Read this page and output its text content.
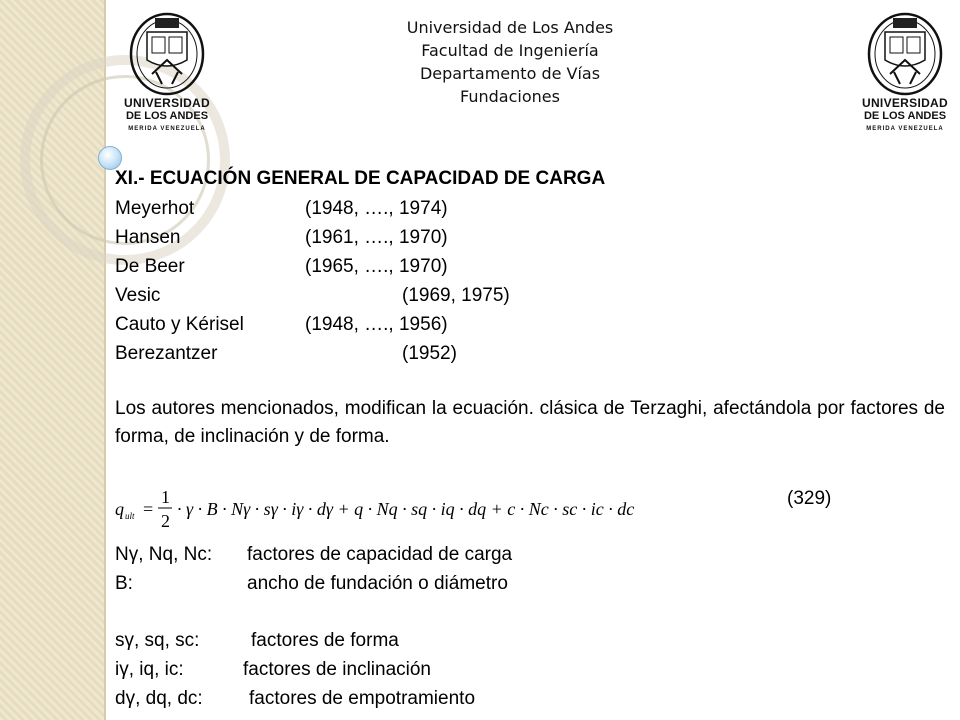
UNIVERSIDAD
DE LOS ANDES
MERIDA VENEZUELA
UNIVERSIDAD
DE LOS ANDES
MERIDA VENEZUELA
Universidad de Los Andes
Facultad de Ingeniería
Departamento de Vías
Fundaciones
XI.- ECUACIÓN GENERAL DE CAPACIDAD DE CARGA
Meyerhot	(1948, …., 1974)
Hansen	(1961, …., 1970)
De Beer	(1965, …., 1970)
Vesic	(1969, 1975)
Cauto y Kérisel	(1948, …., 1956)
Berezantzer	(1952)
Los autores mencionados, modifican la ecuación. clásica de Terzaghi, afectándola por factores de forma, de inclinación y de forma.
q ult =
1
2
· γ · B · Nγ · sγ · iγ · dγ + q · Nq · sq · iq · dq + c · Nc · sc · ic · dc	(329)
Nγ, Nq, Nc: factores de capacidad de carga
B:	ancho de fundación o diámetro
sγ, sq, sc:	factores de forma
iγ, iq, ic:	factores de inclinación
dγ, dq, dc: factores de empotramiento
